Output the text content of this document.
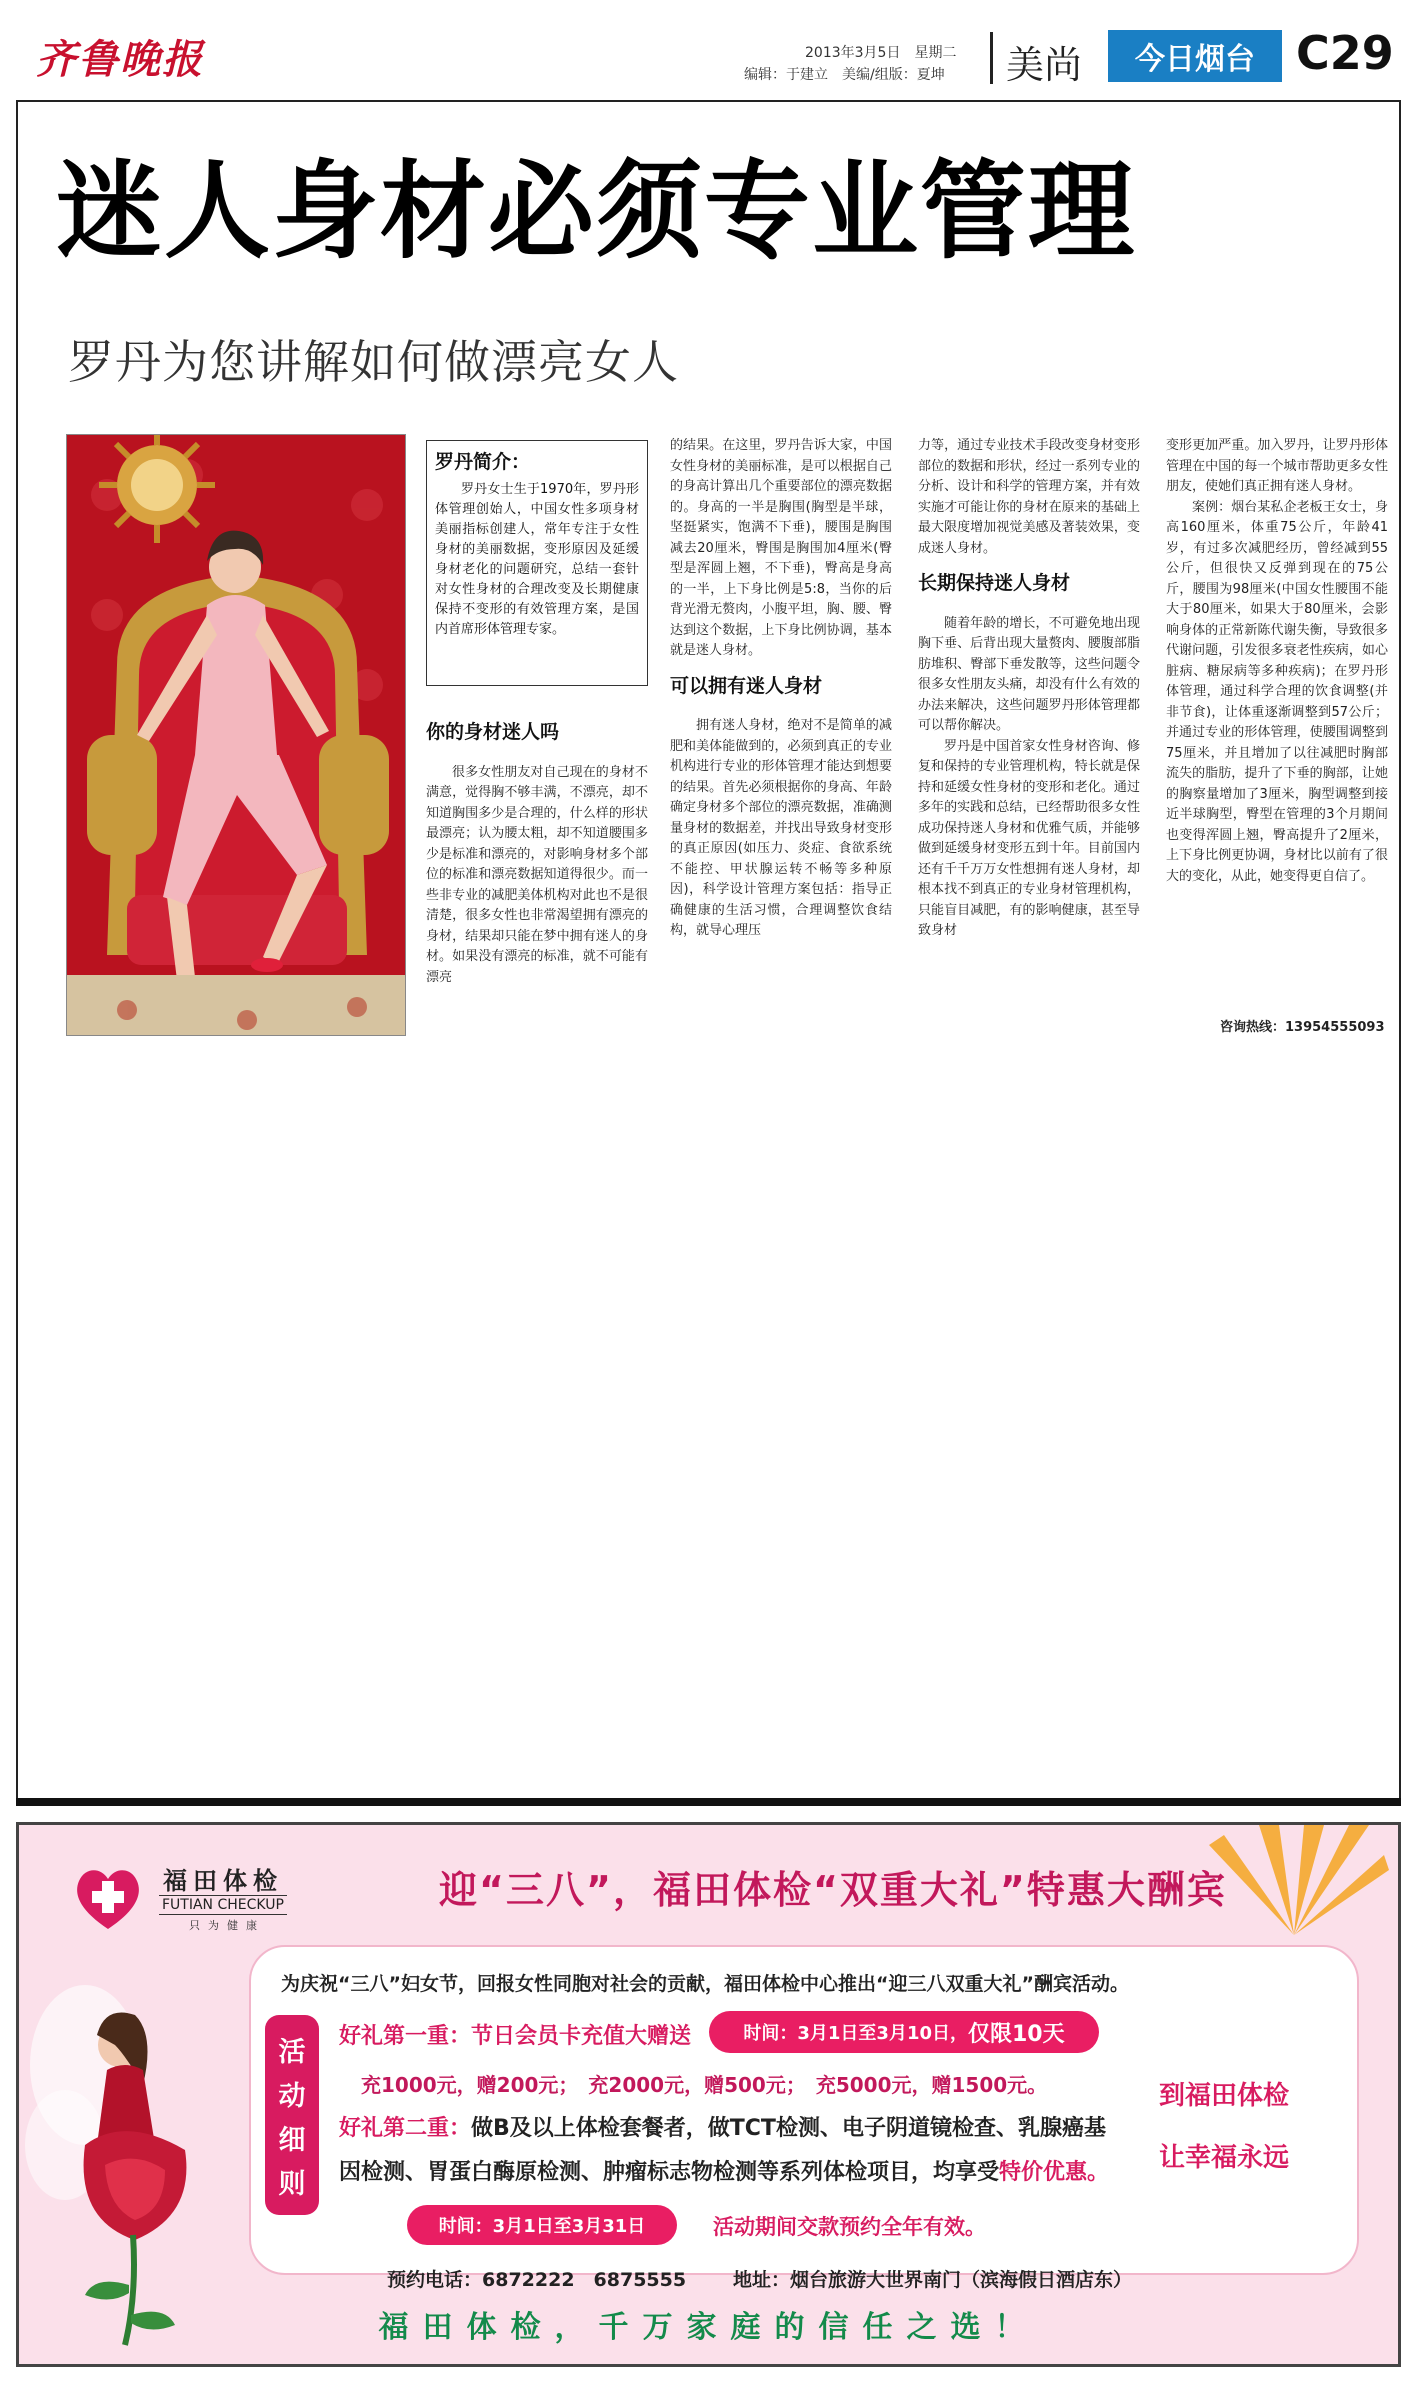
齐鲁晚报	2013年3月5日　星期二
编辑：于建立　美编/组版：夏坤 美尚	今日烟台 C29
迷人身材必须专业管理
罗丹为您讲解如何做漂亮女人
罗丹简介：

罗丹女士生于1970年，罗丹形体管理创始人，中国女性多项身材美丽指标创建人，常年专注于女性身材的美丽数据，变形原因及延缓身材老化的问题研究，总结一套针对女性身材的合理改变及长期健康保持不变形的有效管理方案，是国内首席形体管理专家。

你的身材迷人吗

很多女性朋友对自己现在的身材不满意，觉得胸不够丰满，不漂亮，却不知道胸围多少是合理的，什么样的形状最漂亮；认为腰太粗，却不知道腰围多少是标准和漂亮的，对影响身材多个部位的标准和漂亮数据知道得很少。而一些非专业的减肥美体机构对此也不是很清楚，很多女性也非常渴望拥有漂亮的身材，结果却只能在梦中拥有迷人的身材。如果没有漂亮的标准，就不可能有漂亮

的结果。在这里，罗丹告诉大家，中国女性身材的美丽标准，是可以根据自己的身高计算出几个重要部位的漂亮数据的。身高的一半是胸围(胸型是半球，坚挺紧实，饱满不下垂)，腰围是胸围减去20厘米，臀围是胸围加4厘米(臀型是浑圆上翘，不下垂)，臀高是身高的一半，上下身比例是5:8，当你的后背光滑无赘肉，小腹平坦，胸、腰、臀达到这个数据，上下身比例协调，基本就是迷人身材。

可以拥有迷人身材

拥有迷人身材，绝对不是简单的减肥和美体能做到的，必须到真正的专业机构进行专业的形体管理才能达到想要的结果。首先必须根据你的身高、年龄确定身材多个部位的漂亮数据，准确测量身材的数据差，并找出导致身材变形的真正原因(如压力、炎症、食欲系统不能控、甲状腺运转不畅等多种原因)，科学设计管理方案包括：指导正确健康的生活习惯，合理调整饮食结构，就导心理压

力等，通过专业技术手段改变身材变形部位的数据和形状，经过一系列专业的分析、设计和科学的管理方案，并有效实施才可能让你的身材在原来的基础上最大限度增加视觉美感及著装效果，变成迷人身材。

长期保持迷人身材

随着年龄的增长，不可避免地出现胸下垂、后背出现大量赘肉、腰腹部脂肪堆积、臀部下垂发散等，这些问题令很多女性朋友头痛，却没有什么有效的办法来解决，这些问题罗丹形体管理都可以帮你解决。

罗丹是中国首家女性身材咨询、修复和保持的专业管理机构，特长就是保持和延缓女性身材的变形和老化。通过多年的实践和总结，已经帮助很多女性成功保持迷人身材和优雅气质，并能够做到延缓身材变形五到十年。目前国内还有千千万万女性想拥有迷人身材，却根本找不到真正的专业身材管理机构，只能盲目减肥，有的影响健康，甚至导致身材

变形更加严重。加入罗丹，让罗丹形体管理在中国的每一个城市帮助更多女性朋友，使她们真正拥有迷人身材。

案例：烟台某私企老板王女士，身高160厘米，体重75公斤，年龄41岁，有过多次减肥经历，曾经减到55公斤，但很快又反弹到现在的75公斤，腰围为98厘米(中国女性腰围不能大于80厘米，如果大于80厘米，会影响身体的正常新陈代谢失衡，导致很多代谢问题，引发很多衰老性疾病，如心脏病、糖尿病等多种疾病)；在罗丹形体管理，通过科学合理的饮食调整(并非节食)，让体重逐渐调整到57公斤；并通过专业的形体管理，使腰围调整到75厘米，并且增加了以往减肥时胸部流失的脂肪，提升了下垂的胸部，让她的胸察量增加了3厘米，胸型调整到接近半球胸型，臀型在管理的3个月期间也变得浑圆上翘，臀高提升了2厘米，上下身比例更协调，身材比以前有了很大的变化，从此，她变得更自信了。

咨询热线：13954555093
福田体检
FUTIAN CHECKUP
只为健康
迎“三八”，福田体检“双重大礼”特惠大酬宾
为庆祝“三八”妇女节，回报女性同胞对社会的贡献，福田体检中心推出“迎三八双重大礼”酬宾活动。
活
动
细
则
好礼第一重：节日会员卡充值大赠送	时间：3月1日至3月10日， 仅限10天
充1000元，赠200元；　充2000元，赠500元；　充5000元，赠1500元。
好礼第二重：做B及以上体检套餐者，做TCT检测、电子阴道镜检查、乳腺癌基
因检测、胃蛋白酶原检测、肿瘤标志物检测等系列体检项目，均享受特价优惠。
时间：3月1日至3月31日	活动期间交款预约全年有效。
到福田体检
让幸福永远
预约电话：6872222　6875555 地址：烟台旅游大世界南门（滨海假日酒店东）
福田体检，千万家庭的信任之选！
